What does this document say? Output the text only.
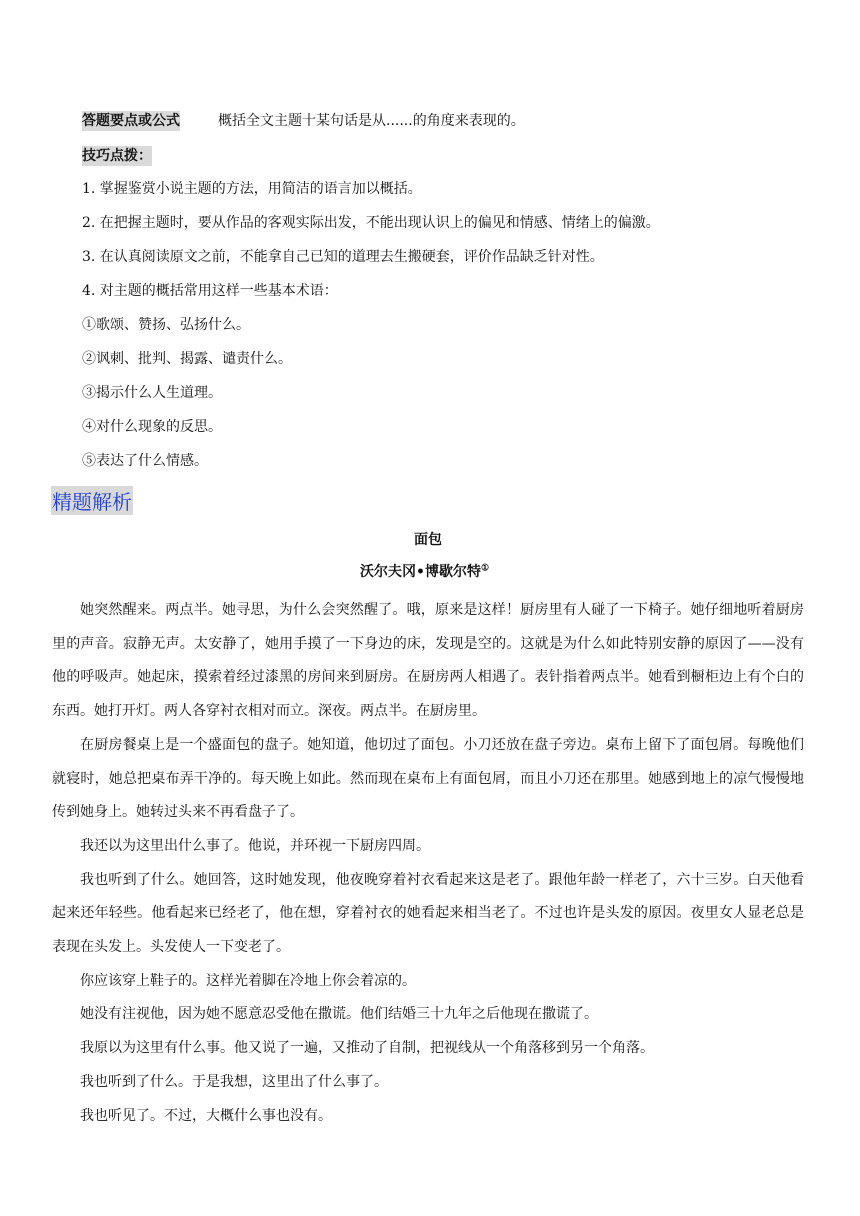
答题要点或公式	概括全文主题十某句话是从......的角度来表现的。
技巧点拨：
1. 掌握鉴赏小说主题的方法，用简洁的语言加以概括。
2. 在把握主题时，要从作品的客观实际出发，不能出现认识上的偏见和情感、情绪上的偏激。
3. 在认真阅读原文之前，不能拿自己已知的道理去生搬硬套，评价作品缺乏针对性。
4. 对主题的概括常用这样一些基本术语：
①歌颂、赞扬、弘扬什么。
②讽刺、批判、揭露、谴责什么。
③揭示什么人生道理。
④对什么现象的反思。
⑤表达了什么情感。
精题解析
面包
沃尔夫冈•博歇尔特①

她突然醒来。两点半。她寻思，为什么会突然醒了。哦，原来是这样！厨房里有人碰了一下椅子。她仔细地听着厨房里的声音。寂静无声。太安静了，她用手摸了一下身边的床，发现是空的。这就是为什么如此特别安静的原因了——没有他的呼吸声。她起床，摸索着经过漆黑的房间来到厨房。在厨房两人相遇了。表针指着两点半。她看到橱柜边上有个白的东西。她打开灯。两人各穿衬衣相对而立。深夜。两点半。在厨房里。

在厨房餐桌上是一个盛面包的盘子。她知道，他切过了面包。小刀还放在盘子旁边。桌布上留下了面包屑。每晚他们就寝时，她总把桌布弄干净的。每天晚上如此。然而现在桌布上有面包屑，而且小刀还在那里。她感到地上的凉气慢慢地传到她身上。她转过头来不再看盘子了。

我还以为这里出什么事了。他说，并环视一下厨房四周。

我也听到了什么。她回答，这时她发现，他夜晚穿着衬衣看起来这是老了。跟他年龄一样老了，六十三岁。白天他看起来还年轻些。他看起来已经老了，他在想，穿着衬衣的她看起来相当老了。不过也许是头发的原因。夜里女人显老总是表现在头发上。头发使人一下变老了。

你应该穿上鞋子的。这样光着脚在冷地上你会着凉的。

她没有注视他，因为她不愿意忍受他在撒谎。他们结婚三十九年之后他现在撒谎了。

我原以为这里有什么事。他又说了一遍，又推动了自制，把视线从一个角落移到另一个角落。

我也听到了什么。于是我想，这里出了什么事了。

我也听见了。不过，大概什么事也没有。
